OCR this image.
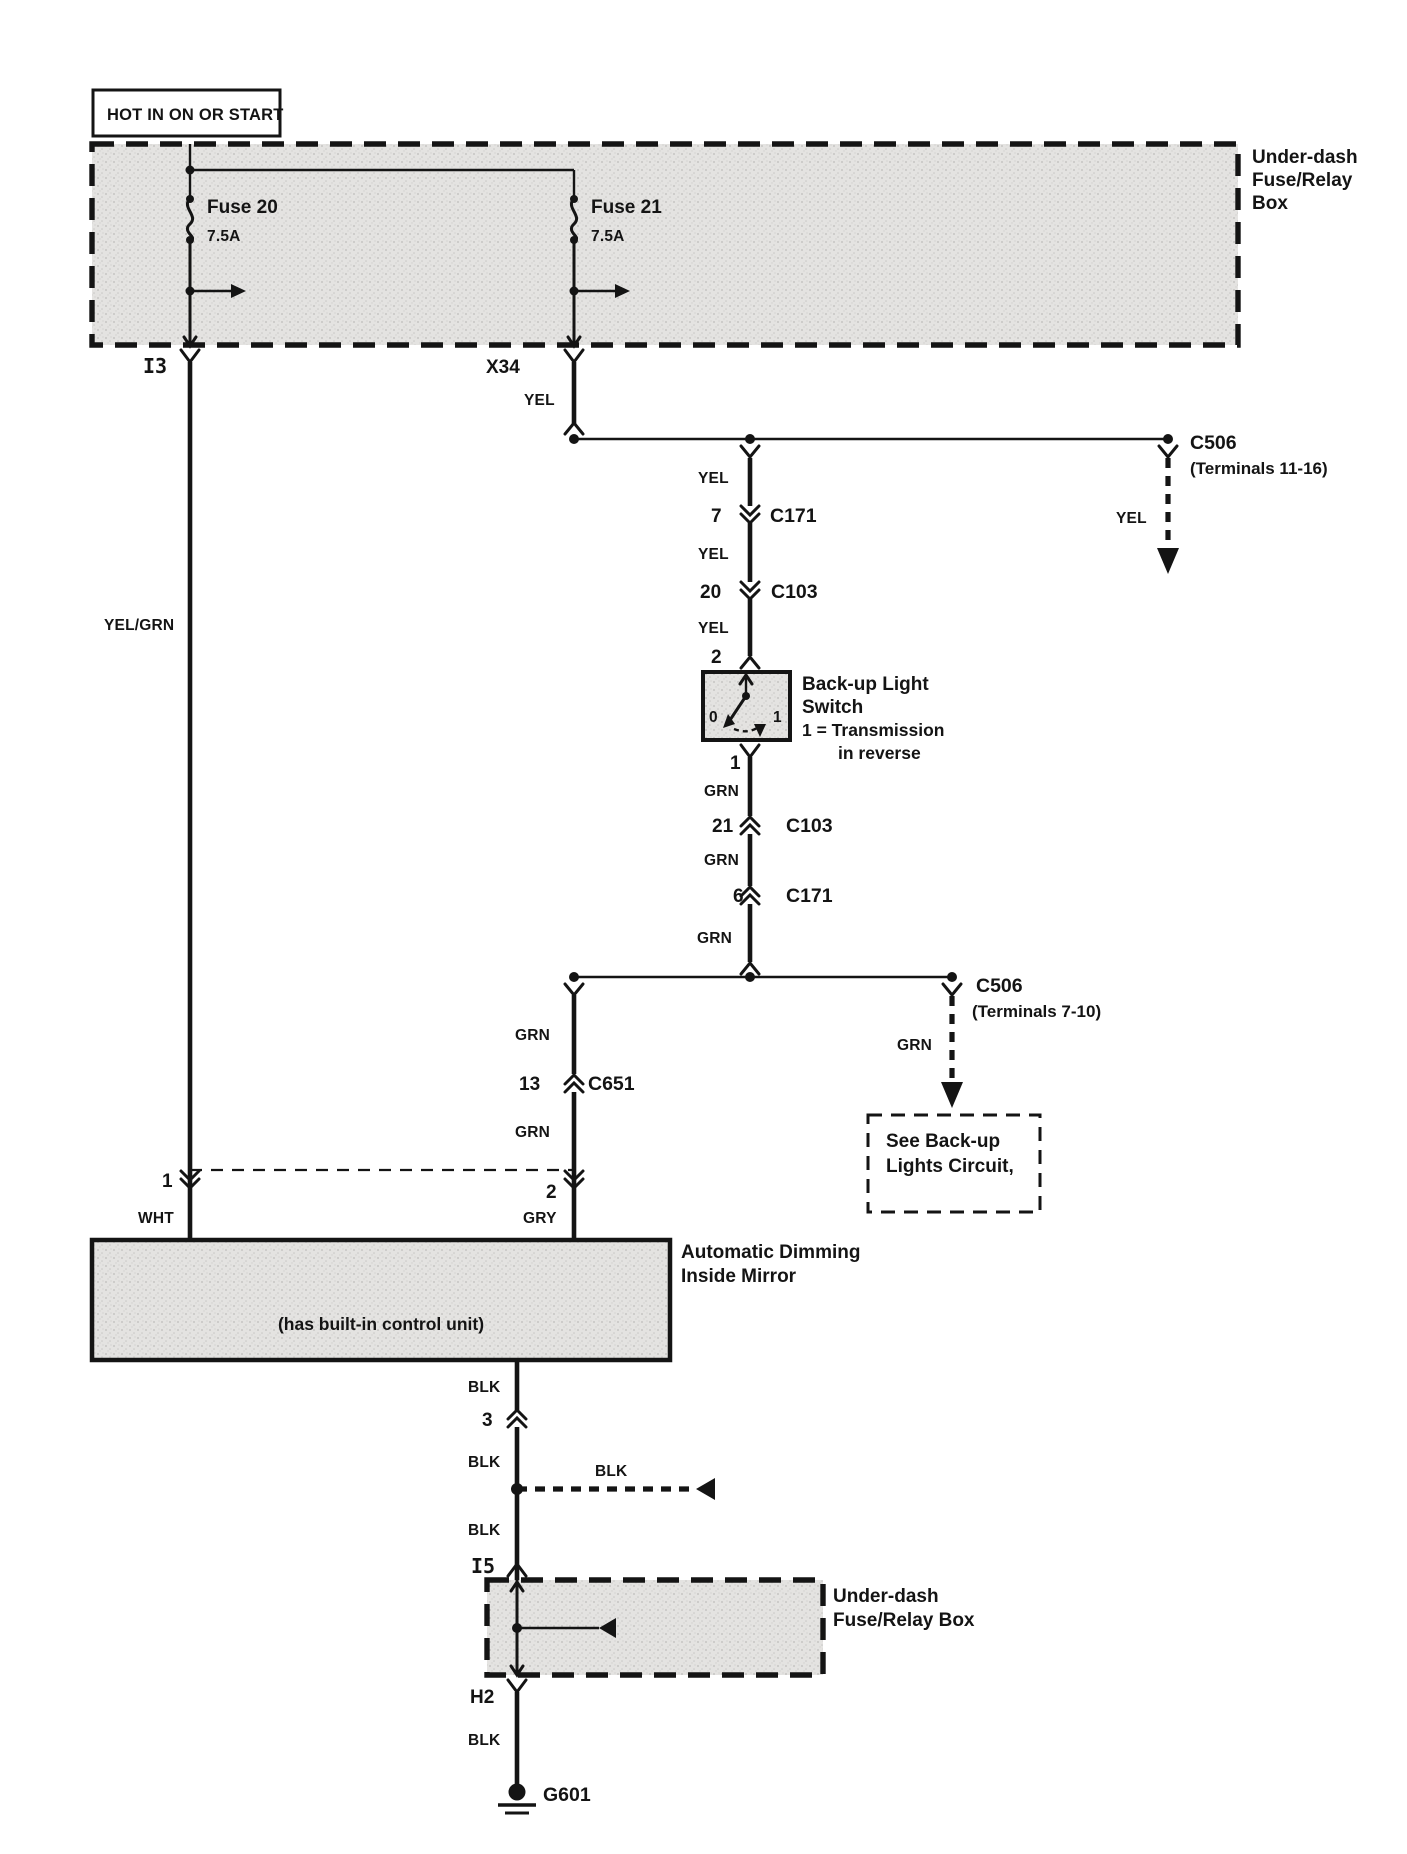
HOT IN ON OR START
Under-dash
Fuse/Relay
Box
Fuse 20
7.5A
Fuse 21
7.5A
I3	X34
YEL/GRN
1
WHT
YEL
YEL
C506
(Terminals 11-16)
YEL
7 C171
YEL
20	C103
YEL
2
0	1
Back-up Light
Switch
1 = Transmission
in reverse
1
GRN
21	C103
GRN
6 C171
GRN
GRN
C506
(Terminals 7-10)
See Back-up
Lights Circuit,
GRN
13 C651
GRN
2
GRY
(has built-in control unit)
Automatic Dimming
Inside Mirror
BLK
3
BLK
BLK
BLK
I5
Under-dash
Fuse/Relay Box
H2
BLK
G601
